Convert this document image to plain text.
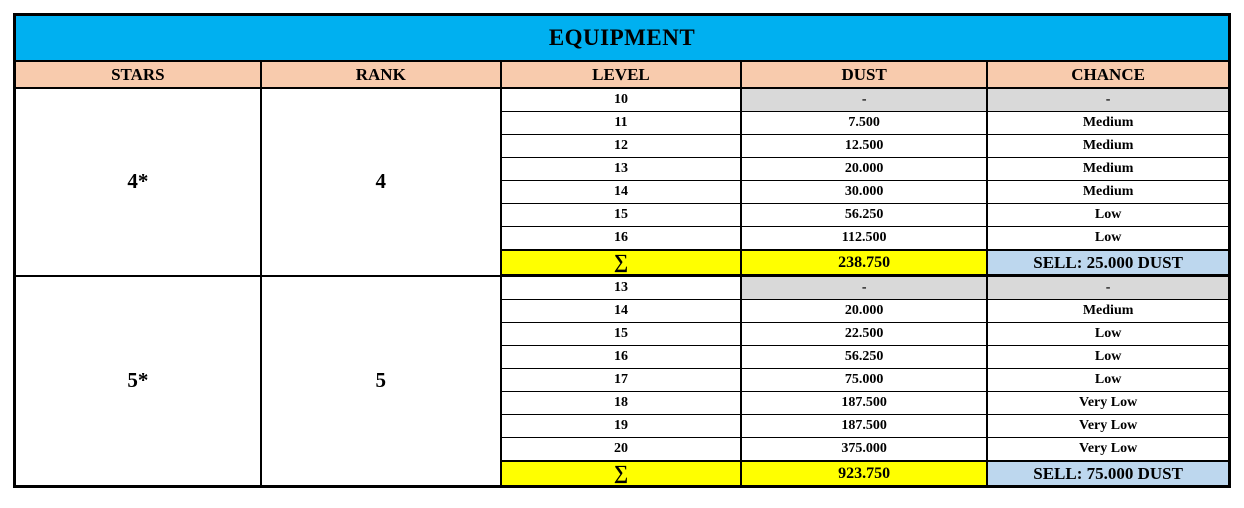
EQUIPMENT				
STARS	RANK	LEVEL	DUST	CHANCE
4*	4	10	-	-
		11	7.500	Medium
		12	12.500	Medium
		13	20.000	Medium
		14	30.000	Medium
		15	56.250	Low
		16	112.500	Low
		∑	238.750	SELL: 25.000 DUST
5*	5	13	-	-
		14	20.000	Medium
		15	22.500	Low
		16	56.250	Low
		17	75.000	Low
		18	187.500	Very Low
		19	187.500	Very Low
		20	375.000	Very Low
		∑	923.750	SELL: 75.000 DUST
